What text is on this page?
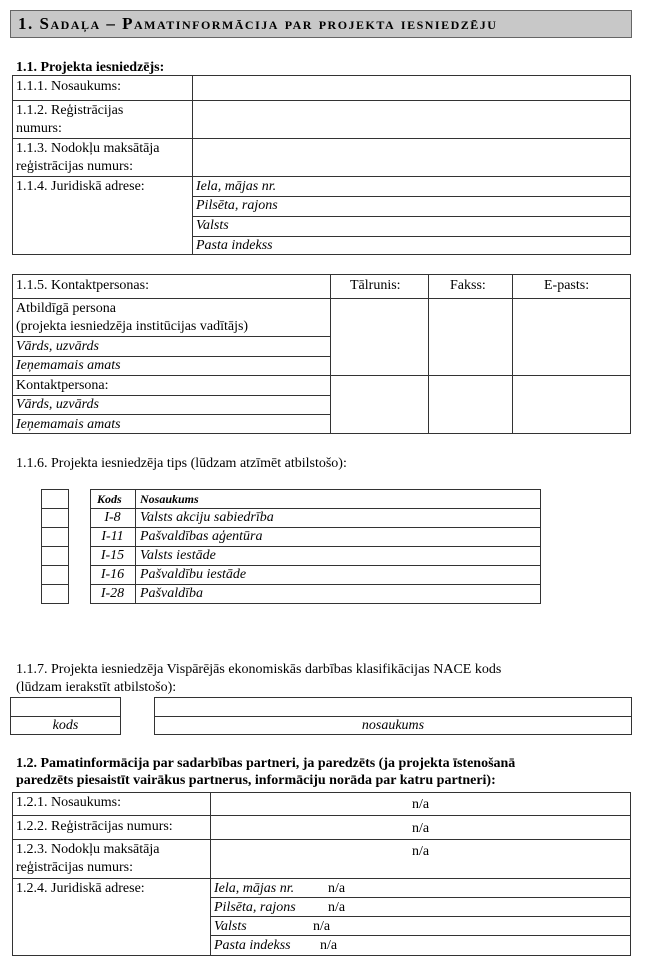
1. Sadaļa – Pamatinformācija par projekta iesniedzēju
1.1. Projekta iesniedzējs:
1.1.1. Nosaukums:
1.1.2. Reģistrācijas
numurs:
1.1.3. Nodokļu maksātāja
reģistrācijas numurs:
1.1.4. Juridiskā adrese:	Iela, mājas nr.
Pilsēta, rajons
Valsts
Pasta indekss
1.1.5. Kontaktpersonas:	Tālrunis:	Fakss:	E-pasts:
Atbildīgā persona
(projekta iesniedzēja institūcijas vadītājs)
Vārds, uzvārds
Ieņemamais amats
Kontaktpersona:
Vārds, uzvārds
Ieņemamais amats
1.1.6. Projekta iesniedzēja tips (lūdzam atzīmēt atbilstošo):
Kods Nosaukums
I-8	Valsts akciju sabiedrība
I-11	Pašvaldības aģentūra
I-15	Valsts iestāde
I-16	Pašvaldību iestāde
I-28	Pašvaldība
1.1.7. Projekta iesniedzēja Vispārējās ekonomiskās darbības klasifikācijas NACE kods
(lūdzam ierakstīt atbilstošo):
kods	nosaukums
1.2. Pamatinformācija par sadarbības partneri, ja paredzēts (ja projekta īstenošanā
paredzēts piesaistīt vairākus partnerus, informāciju norāda par katru partneri):
1.2.1. Nosaukums:	n/a
1.2.2. Reģistrācijas numurs:	n/a
1.2.3. Nodokļu maksātāja
reģistrācijas numurs:
n/a
1.2.4. Juridiskā adrese:	Iela, mājas nr. n/a
Pilsēta, rajons n/a
Valsts	n/a
Pasta indekss n/a
